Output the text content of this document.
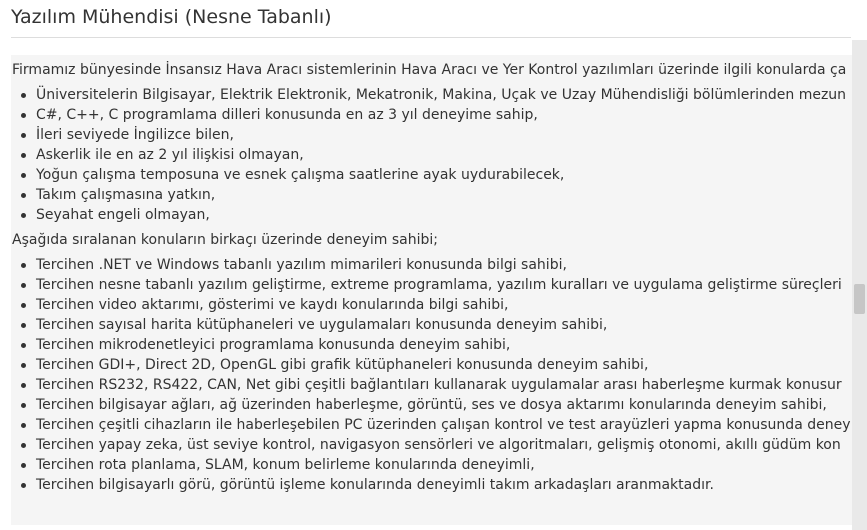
Yazılım Mühendisi (Nesne Tabanlı)

Firmamız bünyesinde İnsansız Hava Aracı sistemlerinin Hava Aracı ve Yer Kontrol yazılımları üzerinde ilgili konularda ça

Üniversitelerin Bilgisayar, Elektrik Elektronik, Mekatronik, Makina, Uçak ve Uzay Mühendisliği bölümlerinden mezun
C#, C++, C programlama dilleri konusunda en az 3 yıl deneyime sahip,
İleri seviyede İngilizce bilen,
Askerlik ile en az 2 yıl ilişkisi olmayan,
Yoğun çalışma temposuna ve esnek çalışma saatlerine ayak uydurabilecek,
Takım çalışmasına yatkın,
Seyahat engeli olmayan,

Aşağıda sıralanan konuların birkaçı üzerinde deneyim sahibi;

Tercihen .NET ve Windows tabanlı yazılım mimarileri konusunda bilgi sahibi,
Tercihen nesne tabanlı yazılım geliştirme, extreme programlama, yazılım kuralları ve uygulama geliştirme süreçleri
Tercihen video aktarımı, gösterimi ve kaydı konularında bilgi sahibi,
Tercihen sayısal harita kütüphaneleri ve uygulamaları konusunda deneyim sahibi,
Tercihen mikrodenetleyici programlama konusunda deneyim sahibi,
Tercihen GDI+, Direct 2D, OpenGL gibi grafik kütüphaneleri konusunda deneyim sahibi,
Tercihen RS232, RS422, CAN, Net gibi çeşitli bağlantıları kullanarak uygulamalar arası haberleşme kurmak konusur
Tercihen bilgisayar ağları, ağ üzerinden haberleşme, görüntü, ses ve dosya aktarımı konularında deneyim sahibi,
Tercihen çeşitli cihazların ile haberleşebilen PC üzerinden çalışan kontrol ve test arayüzleri yapma konusunda deney
Tercihen yapay zeka, üst seviye kontrol, navigasyon sensörleri ve algoritmaları, gelişmiş otonomi, akıllı güdüm kon
Tercihen rota planlama, SLAM, konum belirleme konularında deneyimli,
Tercihen bilgisayarlı görü, görüntü işleme konularında deneyimli takım arkadaşları aranmaktadır.
